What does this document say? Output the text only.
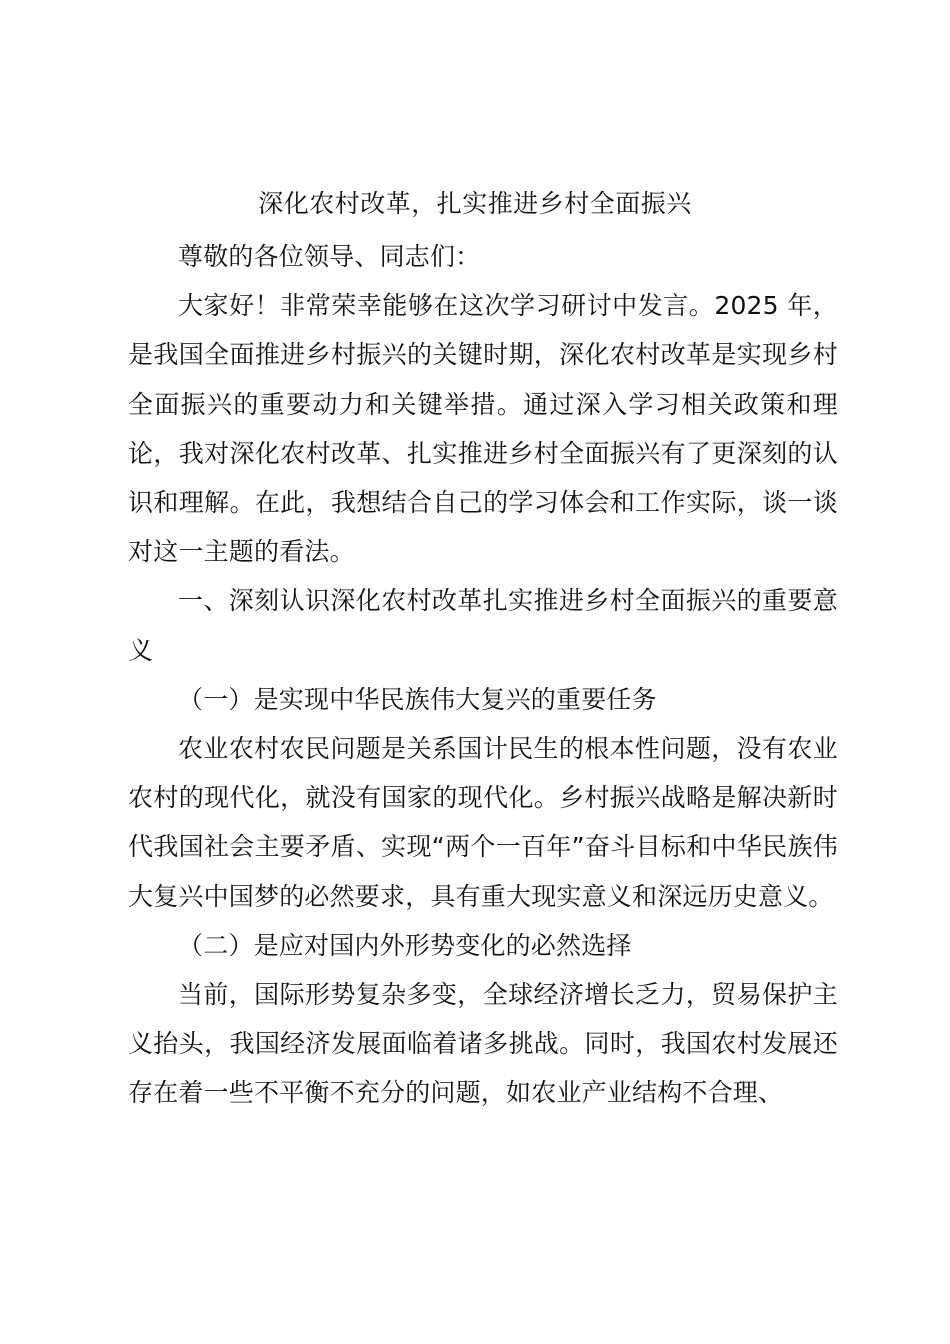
深化农村改革，扎实推进乡村全面振兴

尊敬的各位领导、同志们：

大家好！非常荣幸能够在这次学习研讨中发言。2025 年，是我国全面推进乡村振兴的关键时期，深化农村改革是实现乡村全面振兴的重要动力和关键举措。通过深入学习相关政策和理论，我对深化农村改革、扎实推进乡村全面振兴有了更深刻的认识和理解。在此，我想结合自己的学习体会和工作实际，谈一谈对这一主题的看法。

一、深刻认识深化农村改革扎实推进乡村全面振兴的重要意义

（一）是实现中华民族伟大复兴的重要任务

农业农村农民问题是关系国计民生的根本性问题，没有农业农村的现代化，就没有国家的现代化。乡村振兴战略是解决新时代我国社会主要矛盾、实现“两个一百年”奋斗目标和中华民族伟大复兴中国梦的必然要求，具有重大现实意义和深远历史意义。

（二）是应对国内外形势变化的必然选择

当前，国际形势复杂多变，全球经济增长乏力，贸易保护主义抬头，我国经济发展面临着诸多挑战。同时，我国农村发展还存在着一些不平衡不充分的问题，如农业产业结构不合理、
